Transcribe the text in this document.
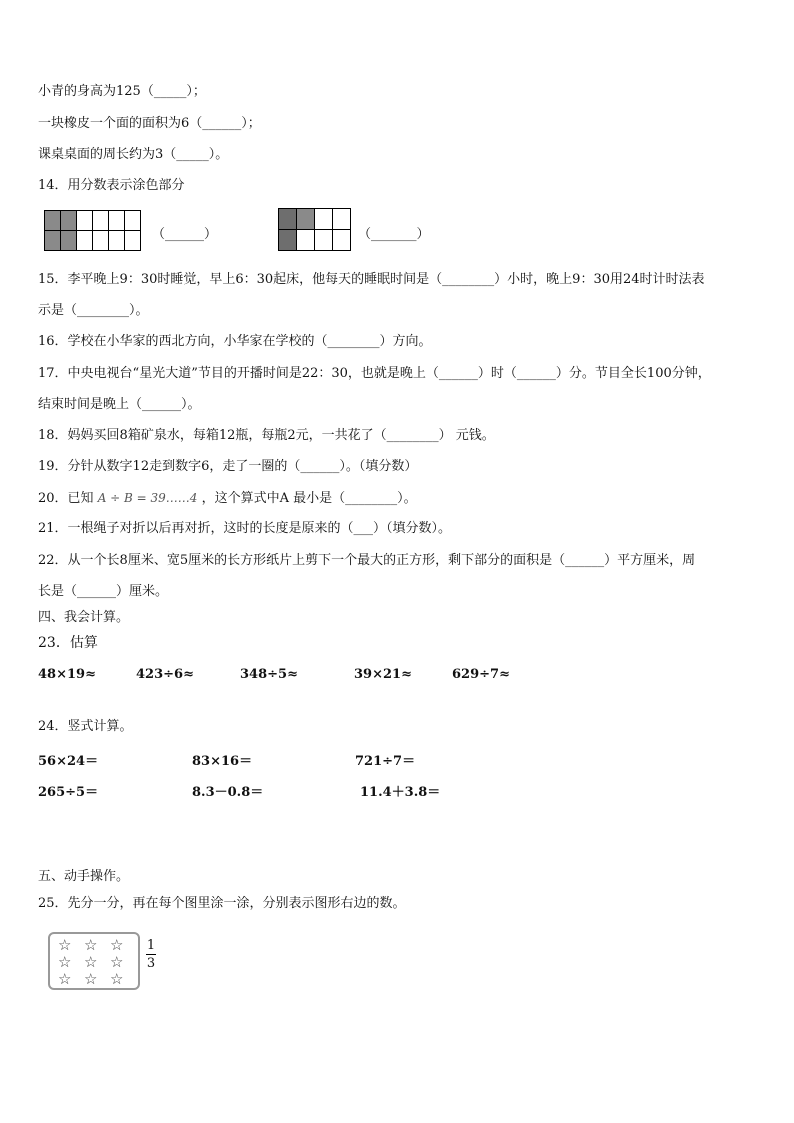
小青的身高为125（_____）；
一块橡皮一个面的面积为6（______）；
课桌桌面的周长约为3（_____）。
14．用分数表示涂色部分
（______）	（_______）
15．李平晚上9：30时睡觉，早上6：30起床，他每天的睡眠时间是（________）小时，晚上9：30用24时计时法表
示是（________）。
16．学校在小华家的西北方向，小华家在学校的（________）方向。
17．中央电视台“星光大道”节目的开播时间是22：30，也就是晚上（______）时（______）分。节目全长100分钟，
结束时间是晚上（______）。
18．妈妈买回8箱矿泉水，每箱12瓶，每瓶2元，一共花了（________） 元钱。
19．分针从数字12走到数字6，走了一圈的（______）。（填分数）
20．已知 A ÷ B = 39……4 ，这个算式中A 最小是（________）。
21．一根绳子对折以后再对折，这时的长度是原来的（___）（填分数）。
22．从一个长8厘米、宽5厘米的长方形纸片上剪下一个最大的正方形，剩下部分的面积是（______）平方厘米，周
长是（______）厘米。
四、我会计算。
23．估算
48×19≈	423÷6≈	348÷5≈	39×21≈	629÷7≈
24．竖式计算。
56×24＝	83×16＝	721÷7＝
265÷5＝	8.3－0.8＝	11.4＋3.8＝
五、动手操作。
25．先分一分，再在每个图里涂一涂，分别表示图形右边的数。
☆ ☆ ☆
☆ ☆ ☆
☆ ☆ ☆
1
3
